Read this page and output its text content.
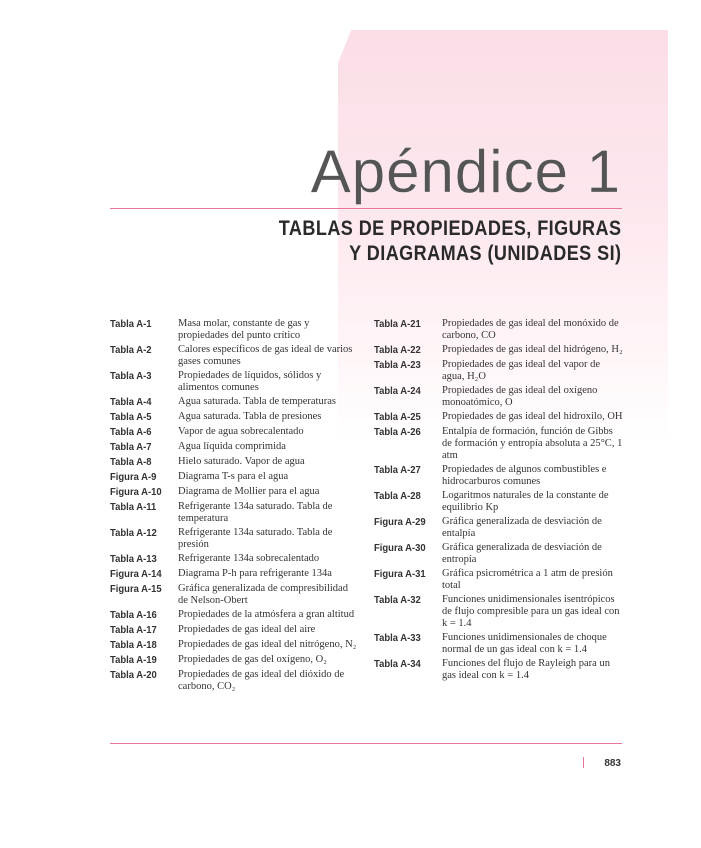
Apéndice 1
TABLAS DE PROPIEDADES, FIGURAS
Y DIAGRAMAS (UNIDADES SI)
Tabla A-1	Masa molar, constante de gas y propiedades del punto crítico
Tabla A-2	Calores específicos de gas ideal de varios gases comunes
Tabla A-3	Propiedades de líquidos, sólidos y alimentos comunes
Tabla A-4	Agua saturada. Tabla de temperaturas
Tabla A-5	Agua saturada. Tabla de presiones
Tabla A-6	Vapor de agua sobrecalentado
Tabla A-7	Agua líquida comprimida
Tabla A-8	Hielo saturado. Vapor de agua
Figura A-9	Diagrama T-s para el agua
Figura A-10	Diagrama de Mollier para el agua
Tabla A-11	Refrigerante 134a saturado. Tabla de temperatura
Tabla A-12	Refrigerante 134a saturado. Tabla de presión
Tabla A-13	Refrigerante 134a sobrecalentado
Figura A-14	Diagrama P-h para refrigerante 134a
Figura A-15	Gráfica generalizada de compresibilidad de Nelson-Obert
Tabla A-16	Propiedades de la atmósfera a gran altitud
Tabla A-17	Propiedades de gas ideal del aire
Tabla A-18	Propiedades de gas ideal del nitrógeno, N₂
Tabla A-19	Propiedades de gas del oxígeno, O₂
Tabla A-20	Propiedades de gas ideal del dióxido de carbono, CO₂
Tabla A-21	Propiedades de gas ideal del monóxido de carbono, CO
Tabla A-22	Propiedades de gas ideal del hidrógeno, H₂
Tabla A-23	Propiedades de gas ideal del vapor de agua, H₂O
Tabla A-24	Propiedades de gas ideal del oxígeno monoatómico, O
Tabla A-25	Propiedades de gas ideal del hidroxilo, OH
Tabla A-26	Entalpía de formación, función de Gibbs de formación y entropía absoluta a 25°C, 1 atm
Tabla A-27	Propiedades de algunos combustibles e hidrocarburos comunes
Tabla A-28	Logaritmos naturales de la constante de equilibrio Kp
Figura A-29	Gráfica generalizada de desviación de entalpía
Figura A-30	Gráfica generalizada de desviación de entropía
Figura A-31	Gráfica psicrométrica a 1 atm de presión total
Tabla A-32	Funciones unidimensionales isentrópicos de flujo compresible para un gas ideal con k = 1.4
Tabla A-33	Funciones unidimensionales de choque normal de un gas ideal con k = 1.4
Tabla A-34	Funciones del flujo de Rayleigh para un gas ideal con k = 1.4
883
